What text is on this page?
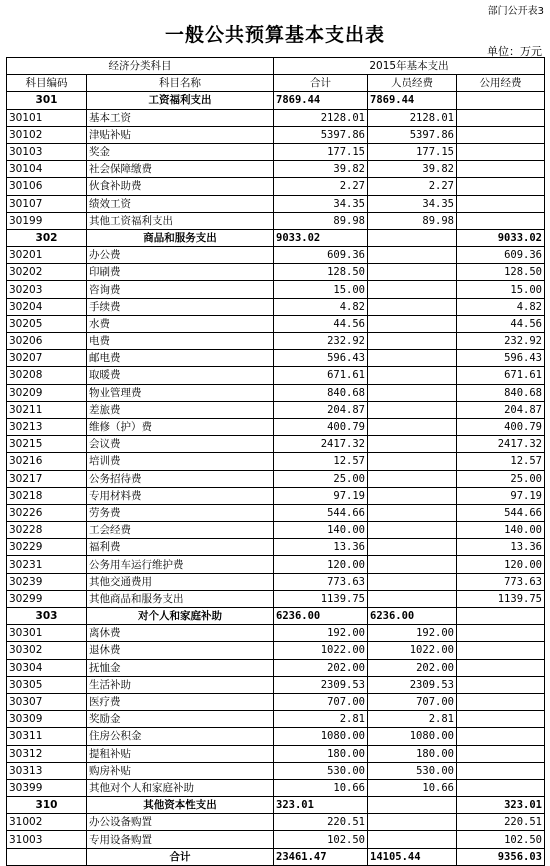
部门公开表3
一般公共预算基本支出表
单位：万元
经济分类科目		2015年基本支出		
科目编码	科目名称	合计	人员经费	公用经费
301	工资福利支出	7869.44	7869.44	
30101	基本工资	2128.01	2128.01	
30102	津贴补贴	5397.86	5397.86	
30103	奖金	177.15	177.15	
30104	社会保障缴费	39.82	39.82	
30106	伙食补助费	2.27	2.27	
30107	绩效工资	34.35	34.35	
30199	其他工资福利支出	89.98	89.98	
302	商品和服务支出	9033.02		9033.02
30201	办公费	609.36		609.36
30202	印刷费	128.50		128.50
30203	咨询费	15.00		15.00
30204	手续费	4.82		4.82
30205	水费	44.56		44.56
30206	电费	232.92		232.92
30207	邮电费	596.43		596.43
30208	取暖费	671.61		671.61
30209	物业管理费	840.68		840.68
30211	差旅费	204.87		204.87
30213	维修（护）费	400.79		400.79
30215	会议费	2417.32		2417.32
30216	培训费	12.57		12.57
30217	公务招待费	25.00		25.00
30218	专用材料费	97.19		97.19
30226	劳务费	544.66		544.66
30228	工会经费	140.00		140.00
30229	福利费	13.36		13.36
30231	公务用车运行维护费	120.00		120.00
30239	其他交通费用	773.63		773.63
30299	其他商品和服务支出	1139.75		1139.75
303	对个人和家庭补助	6236.00	6236.00	
30301	离休费	192.00	192.00	
30302	退休费	1022.00	1022.00	
30304	抚恤金	202.00	202.00	
30305	生活补助	2309.53	2309.53	
30307	医疗费	707.00	707.00	
30309	奖励金	2.81	2.81	
30311	住房公积金	1080.00	1080.00	
30312	提租补贴	180.00	180.00	
30313	购房补贴	530.00	530.00	
30399	其他对个人和家庭补助	10.66	10.66	
310	其他资本性支出	323.01		323.01
31002	办公设备购置	220.51		220.51
31003	专用设备购置	102.50		102.50
	合计	23461.47	14105.44	9356.03
